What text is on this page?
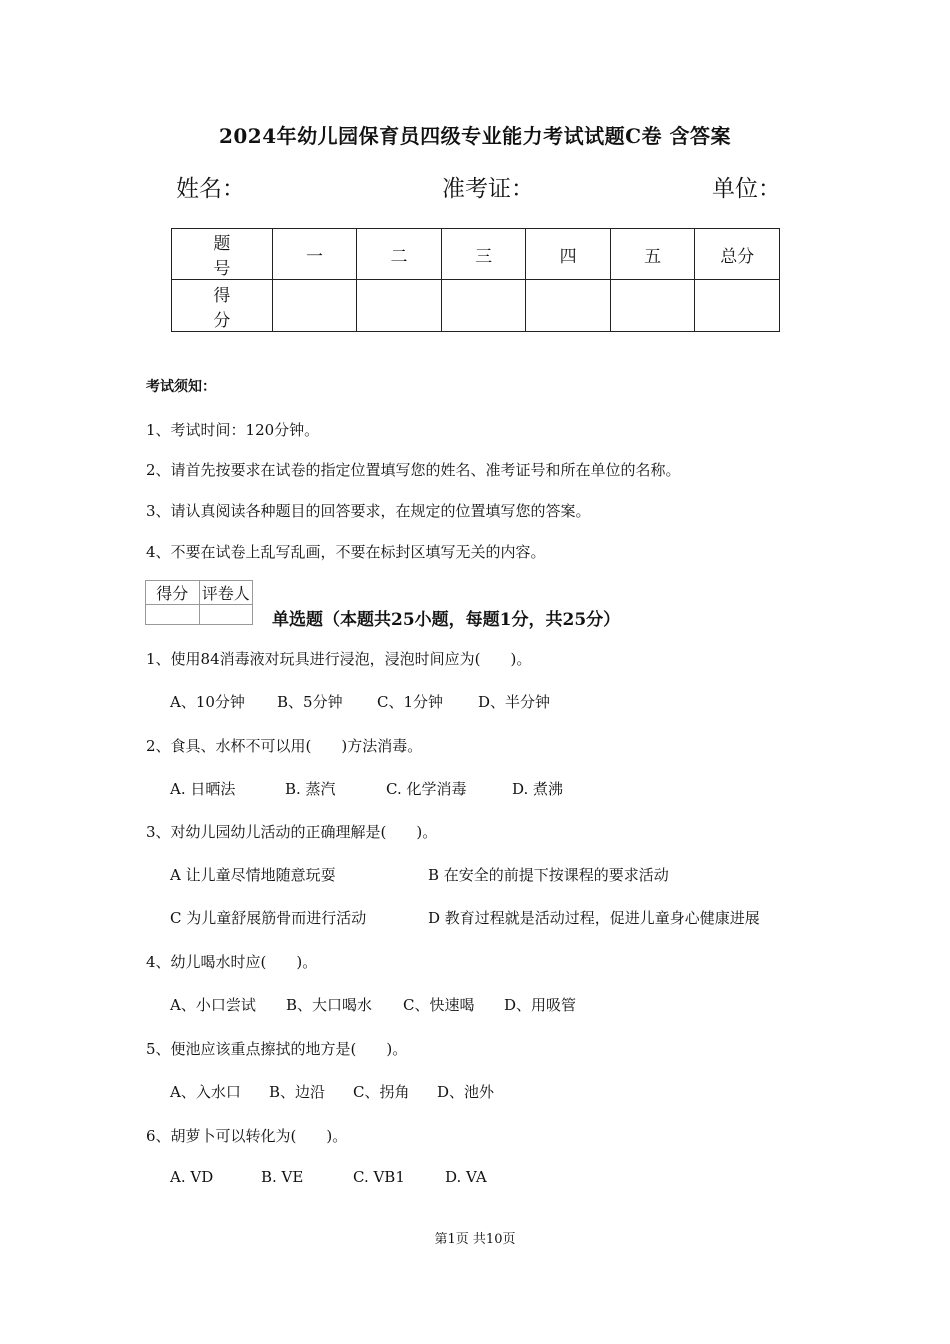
2024年幼儿园保育员四级专业能力考试试题C卷 含答案
姓名：	准考证：	单位：
题　号	一	二	三	四	五	总分
得　分						
考试须知：
1、考试时间：120分钟。
2、请首先按要求在试卷的指定位置填写您的姓名、准考证号和所在单位的名称。
3、请认真阅读各种题目的回答要求，在规定的位置填写您的答案。
4、不要在试卷上乱写乱画，不要在标封区填写无关的内容。
得分	评卷人

单选题（本题共25小题，每题1分，共25分）
1、使用84消毒液对玩具进行浸泡，浸泡时间应为(　　)。
A、10分钟 B、5分钟 C、1分钟 D、半分钟
2、食具、水杯不可以用(　　)方法消毒。
A. 日晒法	B. 蒸汽	C. 化学消毒	D. 煮沸
3、对幼儿园幼儿活动的正确理解是(　　)。
A 让儿童尽情地随意玩耍	B 在安全的前提下按课程的要求活动
C 为儿童舒展筋骨而进行活动	D 教育过程就是活动过程，促进儿童身心健康进展
4、幼儿喝水时应(　　)。
A、小口尝试 B、大口喝水 C、快速喝 D、用吸管
5、便池应该重点擦拭的地方是(　　)。
A、入水口 B、边沿 C、拐角 D、池外
6、胡萝卜可以转化为(　　)。
A. VD	B. VE	C. VB1	D. VA
第1页 共10页
